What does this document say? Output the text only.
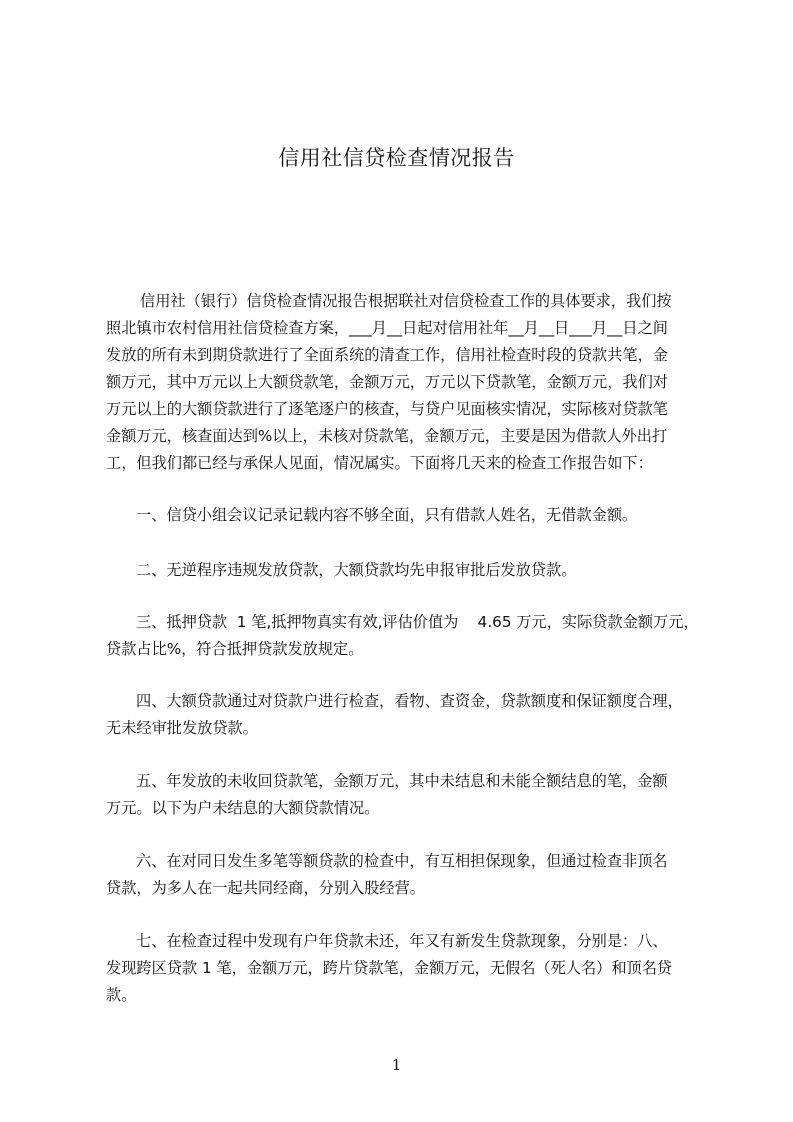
信用社信贷检查情况报告
信用社（银行）信贷检查情况报告根据联社对信贷检查工作的具体要求，我们按
照北镇市农村信用社信贷检查方案，___月__日起对信用社年__月__日___月__日之间
发放的所有未到期贷款进行了全面系统的清查工作，信用社检查时段的贷款共笔，金
额万元，其中万元以上大额贷款笔，金额万元，万元以下贷款笔，金额万元，我们对
万元以上的大额贷款进行了逐笔逐户的核查，与贷户见面核实情况，实际核对贷款笔
金额万元，核查面达到%以上，未核对贷款笔，金额万元，主要是因为借款人外出打
工，但我们都已经与承保人见面，情况属实。下面将几天来的检查工作报告如下：
一、信贷小组会议记录记载内容不够全面，只有借款人姓名，无借款金额。
二、无逆程序违规发放贷款，大额贷款均先申报审批后发放贷款。
三、抵押贷款  1 笔,抵押物真实有效,评估价值为    4.65 万元，实际贷款金额万元，
贷款占比%，符合抵押贷款发放规定。
四、大额贷款通过对贷款户进行检查，看物、查资金，贷款额度和保证额度合理，
无未经审批发放贷款。
五、年发放的未收回贷款笔，金额万元，其中未结息和未能全额结息的笔，金额
万元。以下为户未结息的大额贷款情况。
六、在对同日发生多笔等额贷款的检查中，有互相担保现象，但通过检查非顶名
贷款，为多人在一起共同经商，分别入股经营。
七、在检查过程中发现有户年贷款未还，年又有新发生贷款现象，分别是：八、
发现跨区贷款 1 笔，金额万元，跨片贷款笔，金额万元，无假名（死人名）和顶名贷
款。
1
